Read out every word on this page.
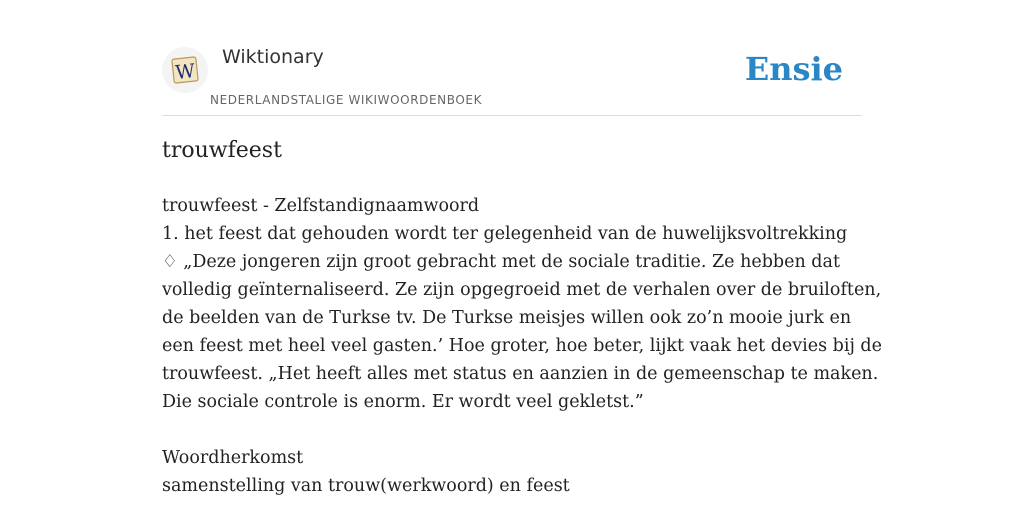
W
Wiktionary
NEDERLANDSTALIGE WIKIWOORDENBOEK
Ensie
trouwfeest
trouwfeest - Zelfstandignaamwoord
1. het feest dat gehouden wordt ter gelegenheid van de huwelijksvoltrekking
♢ „Deze jongeren zijn groot gebracht met de sociale traditie. Ze hebben dat
volledig geïnternaliseerd. Ze zijn opgegroeid met de verhalen over de bruiloften,
de beelden van de Turkse tv. De Turkse meisjes willen ook zo’n mooie jurk en
een feest met heel veel gasten.’ Hoe groter, hoe beter, lijkt vaak het devies bij de
trouwfeest. „Het heeft alles met status en aanzien in de gemeenschap te maken.
Die sociale controle is enorm. Er wordt veel gekletst.”
Woordherkomst
samenstelling van trouw(werkwoord) en feest
